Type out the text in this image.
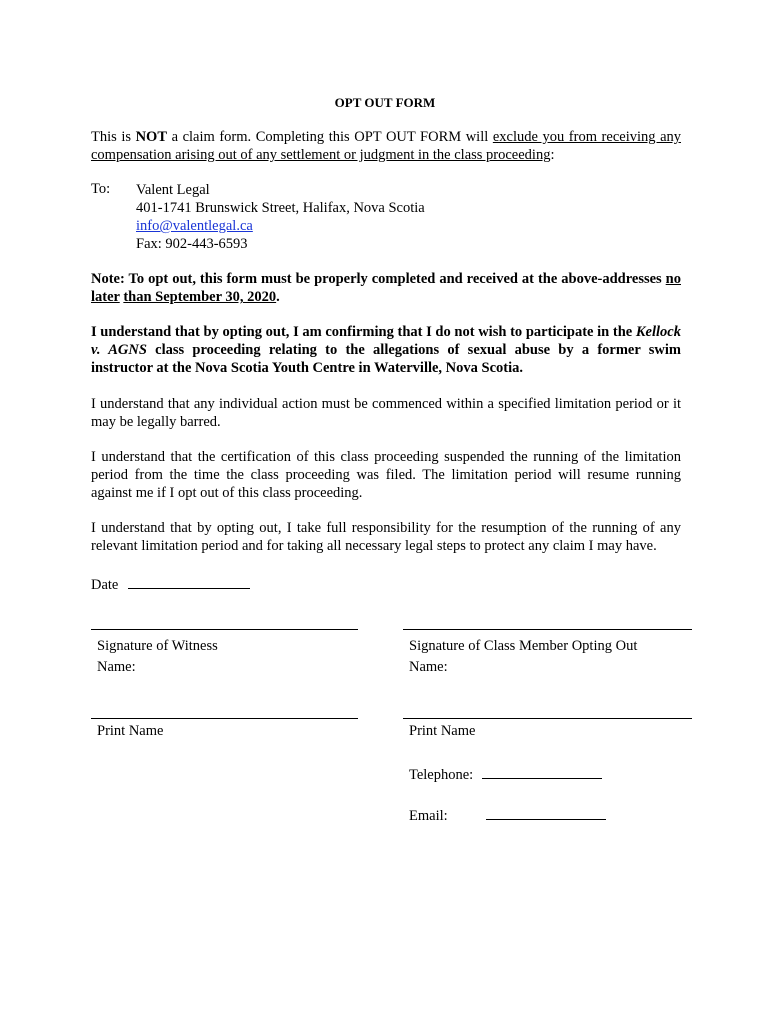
OPT OUT FORM
This is NOT a claim form. Completing this OPT OUT FORM will exclude you from receiving any compensation arising out of any settlement or judgment in the class proceeding:
To: Valent Legal
401-1741 Brunswick Street, Halifax, Nova Scotia
info@valentlegal.ca
Fax: 902-443-6593
Note: To opt out, this form must be properly completed and received at the above-addresses no later than September 30, 2020.
I understand that by opting out, I am confirming that I do not wish to participate in the Kellock v. AGNS class proceeding relating to the allegations of sexual abuse by a former swim instructor at the Nova Scotia Youth Centre in Waterville, Nova Scotia.
I understand that any individual action must be commenced within a specified limitation period or it may be legally barred.
I understand that the certification of this class proceeding suspended the running of the limitation period from the time the class proceeding was filed. The limitation period will resume running against me if I opt out of this class proceeding.
I understand that by opting out, I take full responsibility for the resumption of the running of any relevant limitation period and for taking all necessary legal steps to protect any claim I may have.
Date
Signature of Witness
Name:
Signature of Class Member Opting Out
Name:
Print Name	Print Name
Telephone:
Email:
